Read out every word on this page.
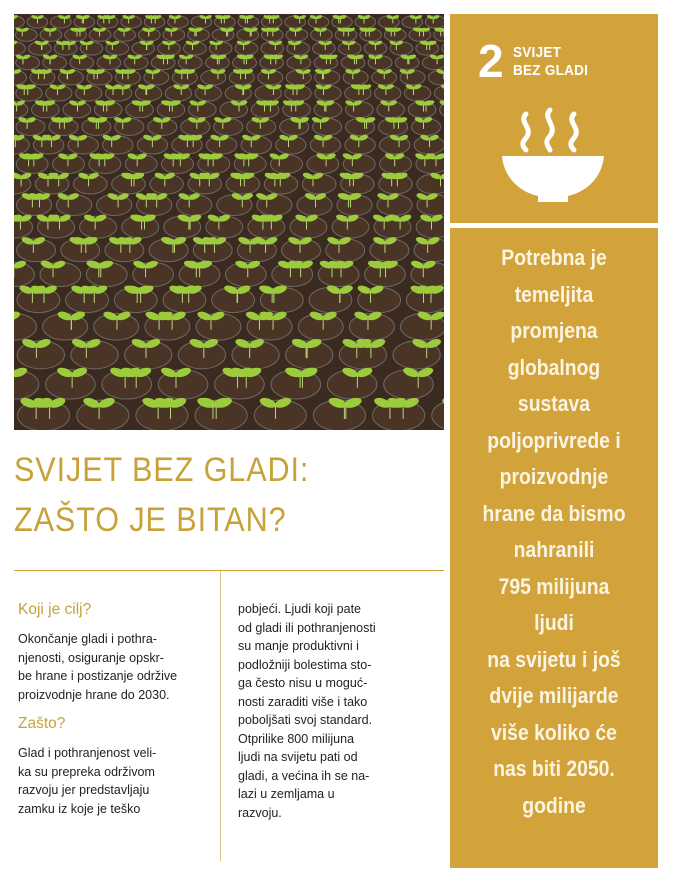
2 SVIJET
BEZ GLADI

Potrebna je
temeljita
promjena
globalnog
sustava
poljoprivrede i
proizvodnje
hrane da bismo
nahranili
795 milijuna
ljudi
na svijetu i još
dvije milijarde
više koliko će
nas biti 2050.
godine

SVIJET BEZ GLADI:
ZAŠTO JE BITAN?
Koji je cilj?

Okončanje gladi i pothra-
njenosti, osiguranje opskr-
be hrane i postizanje održive
proizvodnje hrane do 2030.

Zašto?

Glad i pothranjenost veli-
ka su prepreka održivom
razvoju jer predstavljaju
zamku iz koje je teško

pobjeći. Ljudi koji pate
od gladi ili pothranjenosti
su manje produktivni i
podložniji bolestima sto-
ga često nisu u moguć-
nosti zaraditi više i tako
poboljšati svoj standard.
Otprilike 800 milijuna
ljudi na svijetu pati od
gladi, a većina ih se na-
lazi u zemljama u
razvoju.
